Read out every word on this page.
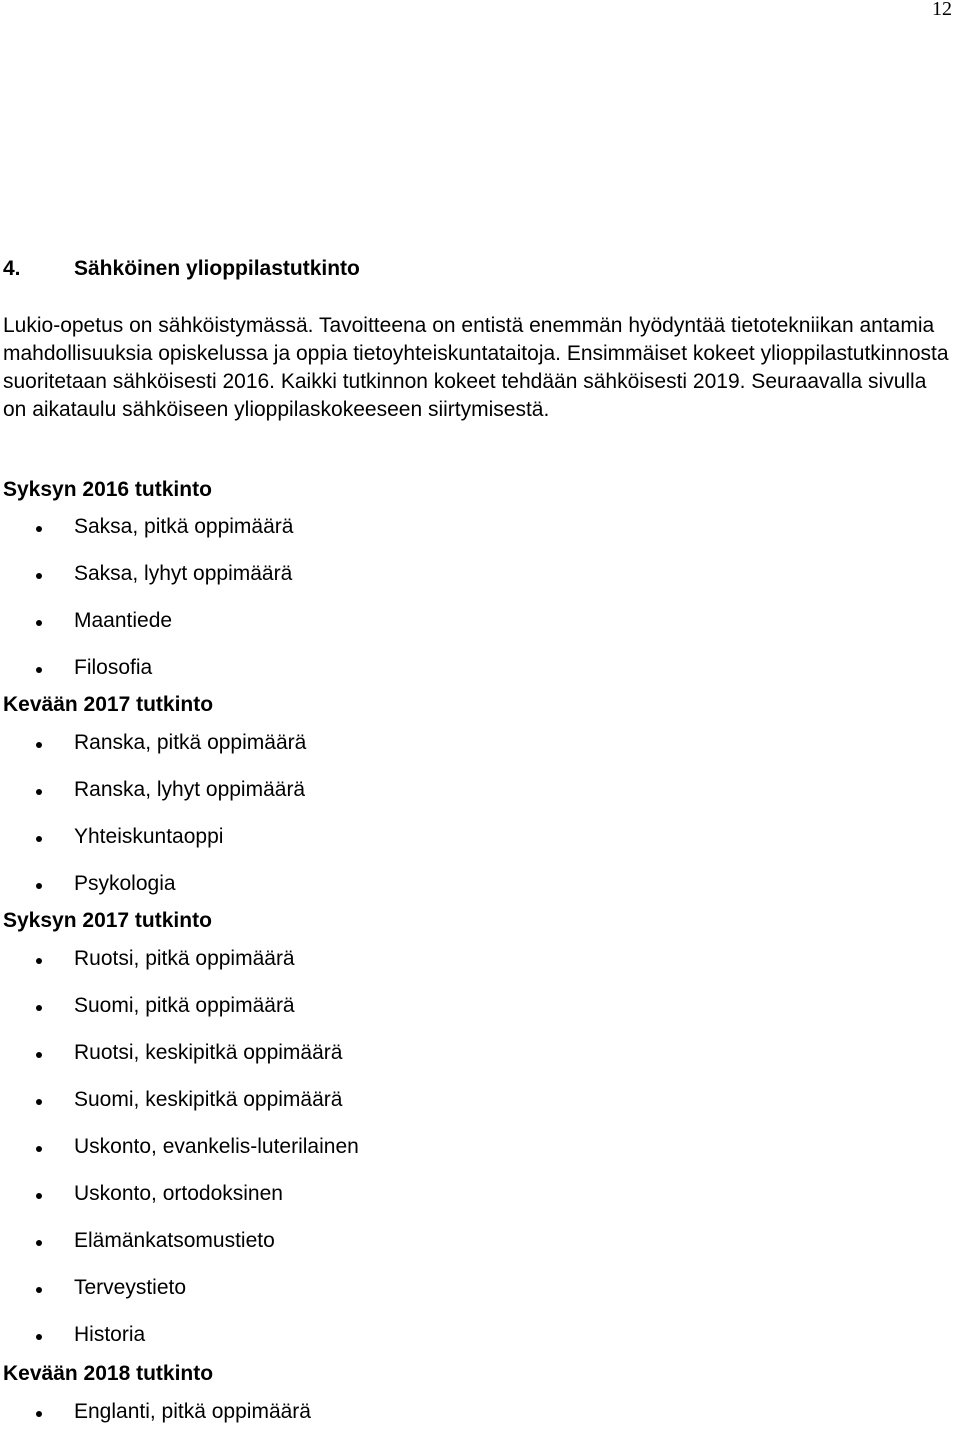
12
4.	Sähköinen ylioppilastutkinto

Lukio-opetus on sähköistymässä. Tavoitteena on entistä enemmän hyödyntää tietotekniikan antamia mahdollisuuksia opiskelussa ja oppia tietoyhteiskuntataitoja. Ensimmäiset kokeet ylioppilastutkinnosta suoritetaan sähköisesti 2016. Kaikki tutkinnon kokeet tehdään sähköisesti 2019. Seuraavalla sivulla on aikataulu sähköiseen ylioppilaskokeeseen siirtymisestä.

Syksyn 2016 tutkinto
Saksa, pitkä oppimäärä
Saksa, lyhyt oppimäärä
Maantiede
Filosofia
Kevään 2017 tutkinto
Ranska, pitkä oppimäärä
Ranska, lyhyt oppimäärä
Yhteiskuntaoppi
Psykologia
Syksyn 2017 tutkinto
Ruotsi, pitkä oppimäärä
Suomi, pitkä oppimäärä
Ruotsi, keskipitkä oppimäärä
Suomi, keskipitkä oppimäärä
Uskonto, evankelis-luterilainen
Uskonto, ortodoksinen
Elämänkatsomustieto
Terveystieto
Historia
Kevään 2018 tutkinto
Englanti, pitkä oppimäärä
